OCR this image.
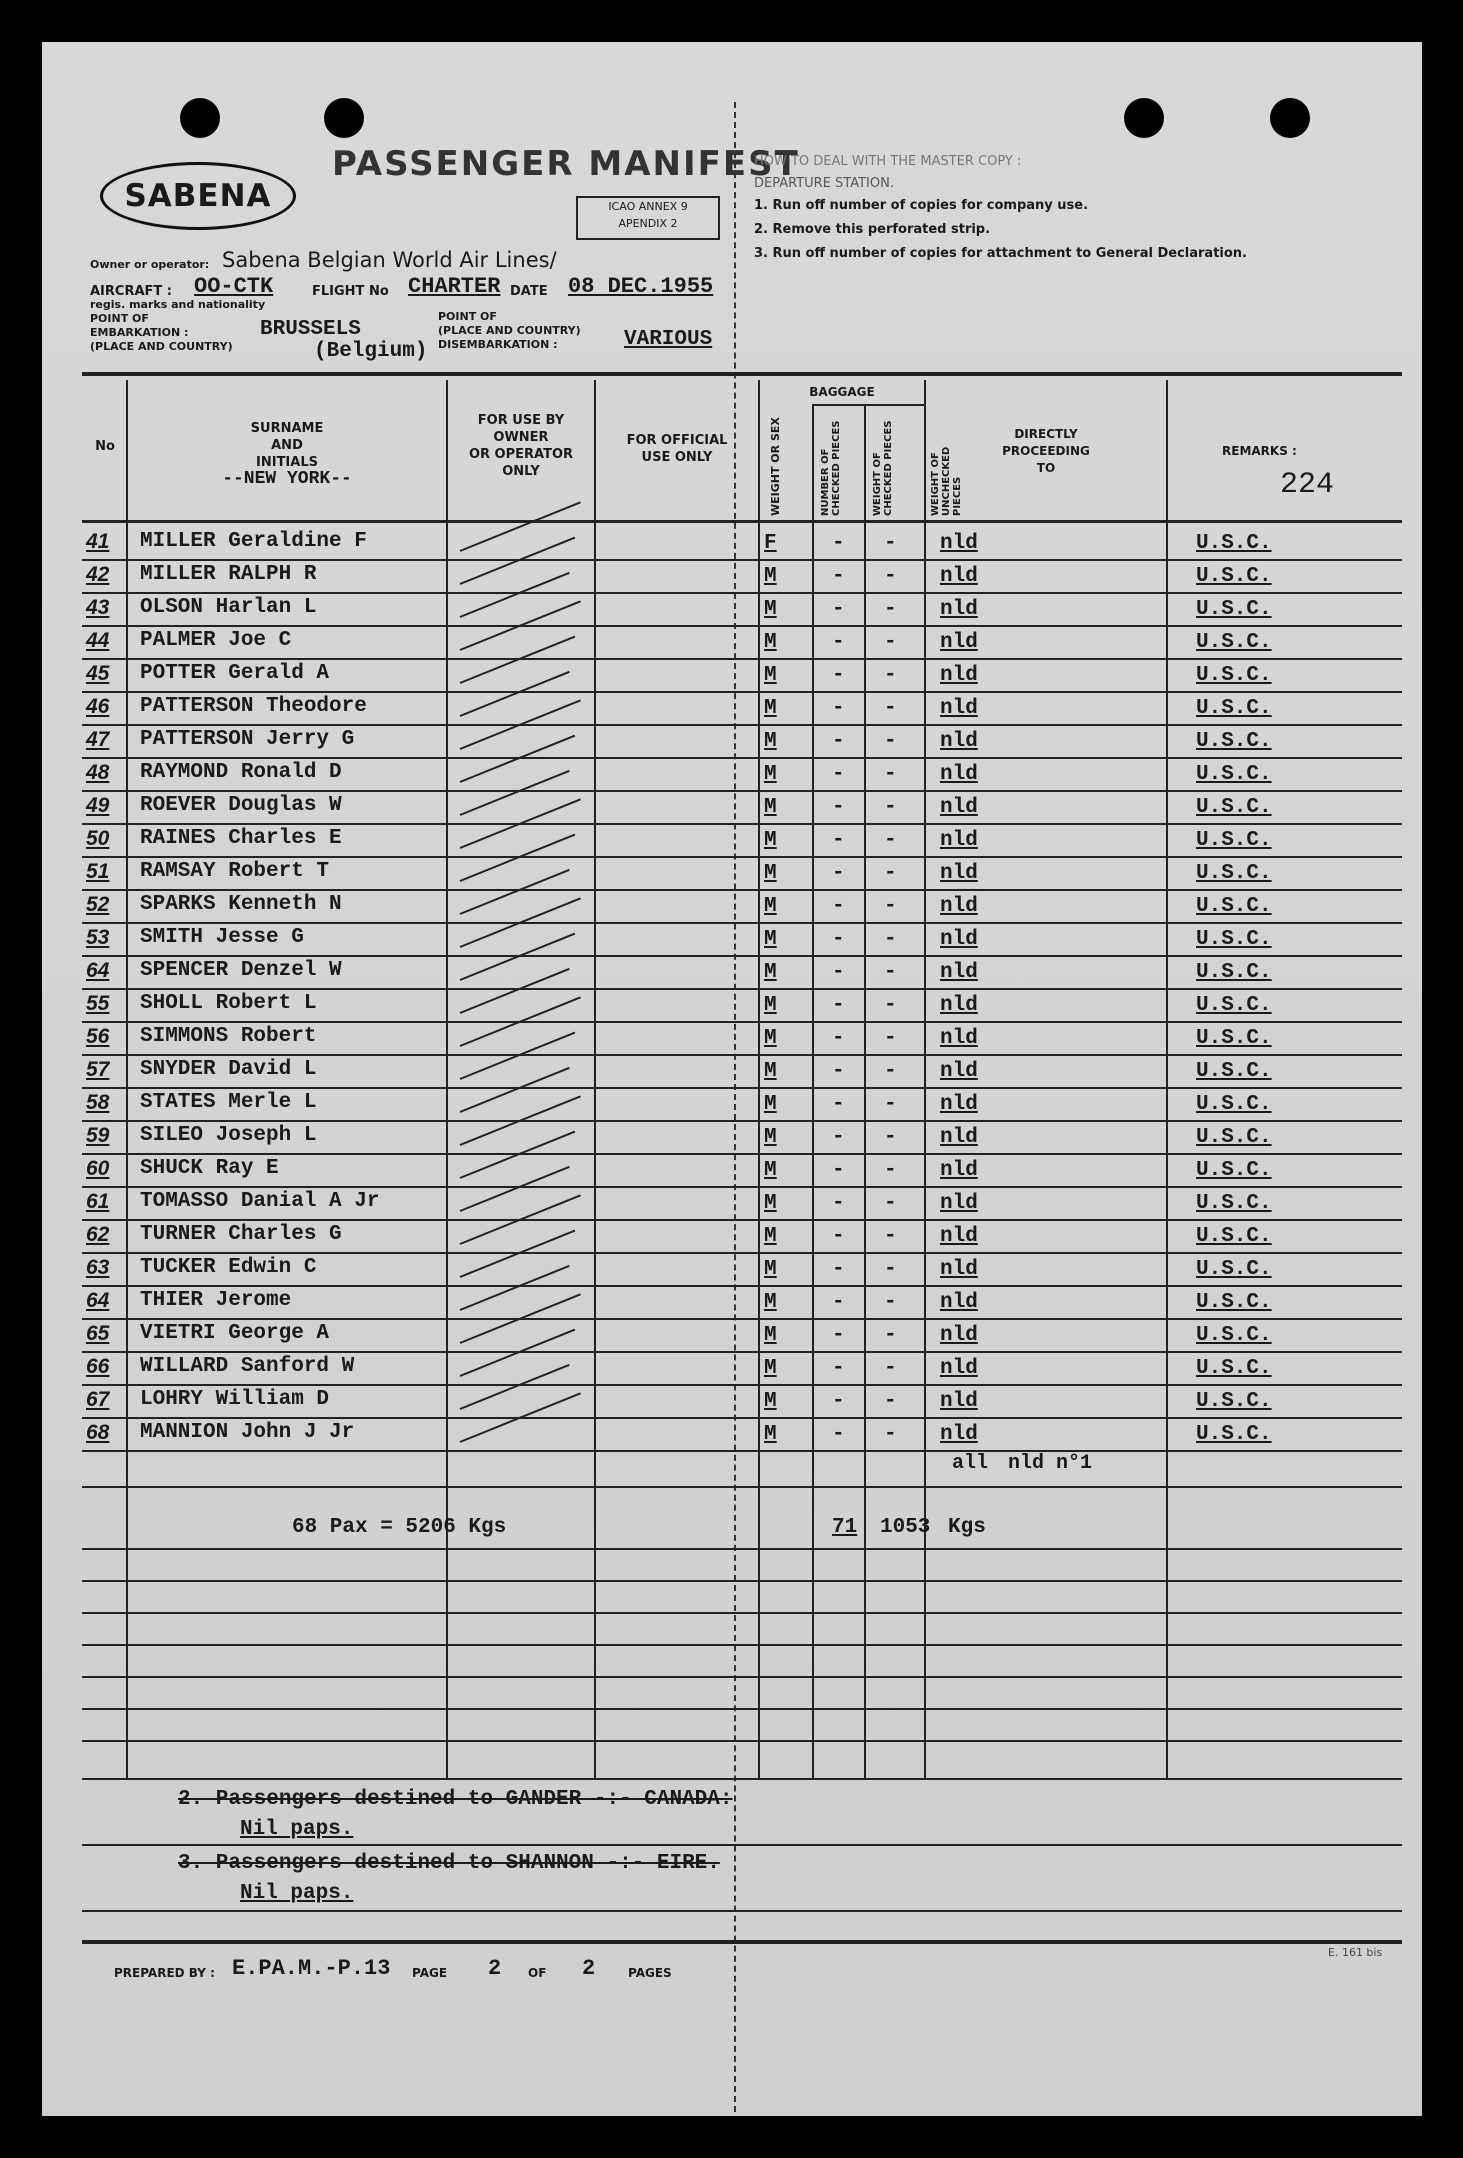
SABENA
PASSENGER MANIFEST
ICAO ANNEX 9
APENDIX 2
Owner or operator: Sabena Belgian World Air Lines/
AIRCRAFT : OO-CTK	FLIGHT No CHARTER DATE 08 DEC.1955
regis. marks and nationality
POINT OF
EMBARKATION :
(PLACE AND COUNTRY)
BRUSSELS
(Belgium)
POINT OF
(PLACE AND COUNTRY)
DISEMBARKATION :	VARIOUS
HOW TO DEAL WITH THE MASTER COPY :
DEPARTURE STATION.
1. Run off number of copies for company use.
2. Remove this perforated strip.
3. Run off number of copies for attachment to General Declaration.
No
SURNAME
AND
INITIALS
--NEW YORK--
FOR USE BY
OWNER
OR OPERATOR
ONLY
FOR OFFICIAL
USE ONLY	WEIGHT OR SEX
BAGGAGE
NUMBER OF CHECKED PIECES	WEIGHT OF CHECKED PIECES	WEIGHT OF UNCHECKED PIECES
DIRECTLY
PROCEEDING
TO
REMARKS :
224
41 MILLER Geraldine F	F	- - nld	U.S.C.
42 MILLER RALPH R	M	- - nld	U.S.C.
43 OLSON Harlan L	M	- - nld	U.S.C.
44 PALMER Joe C	M	- - nld	U.S.C.
45 POTTER Gerald A	M	- - nld	U.S.C.
46 PATTERSON Theodore	M	- - nld	U.S.C.
47 PATTERSON Jerry G	M	- - nld	U.S.C.
48 RAYMOND Ronald D	M	- - nld	U.S.C.
49 ROEVER Douglas W	M	- - nld	U.S.C.
50 RAINES Charles E	M	- - nld	U.S.C.
51 RAMSAY Robert T	M	- - nld	U.S.C.
52 SPARKS Kenneth N	M	- - nld	U.S.C.
53 SMITH Jesse G	M	- - nld	U.S.C.
64 SPENCER Denzel W	M	- - nld	U.S.C.
55 SHOLL Robert L	M	- - nld	U.S.C.
56 SIMMONS Robert	M	- - nld	U.S.C.
57 SNYDER David L	M	- - nld	U.S.C.
58 STATES Merle L	M	- - nld	U.S.C.
59 SILEO Joseph L	M	- - nld	U.S.C.
60 SHUCK Ray E	M	- - nld	U.S.C.
61 TOMASSO Danial A Jr	M	- - nld	U.S.C.
62 TURNER Charles G	M	- - nld	U.S.C.
63 TUCKER Edwin C	M	- - nld	U.S.C.
64 THIER Jerome	M	- - nld	U.S.C.
65 VIETRI George A	M	- - nld	U.S.C.
66 WILLARD Sanford W	M	- - nld	U.S.C.
67 LOHRY William D	M	- - nld	U.S.C.
68 MANNION John J Jr	M	- - nld	U.S.C.
all nld n°1
68 Pax = 5206 Kgs	71 1053 Kgs
2. Passengers destined to GANDER -:- CANADA:
Nil paps.
3. Passengers destined to SHANNON -:- EIRE.
Nil paps.
PREPARED BY : E.PA.M.-P.13 PAGE 2 OF 2	PAGES
E. 161 bis
